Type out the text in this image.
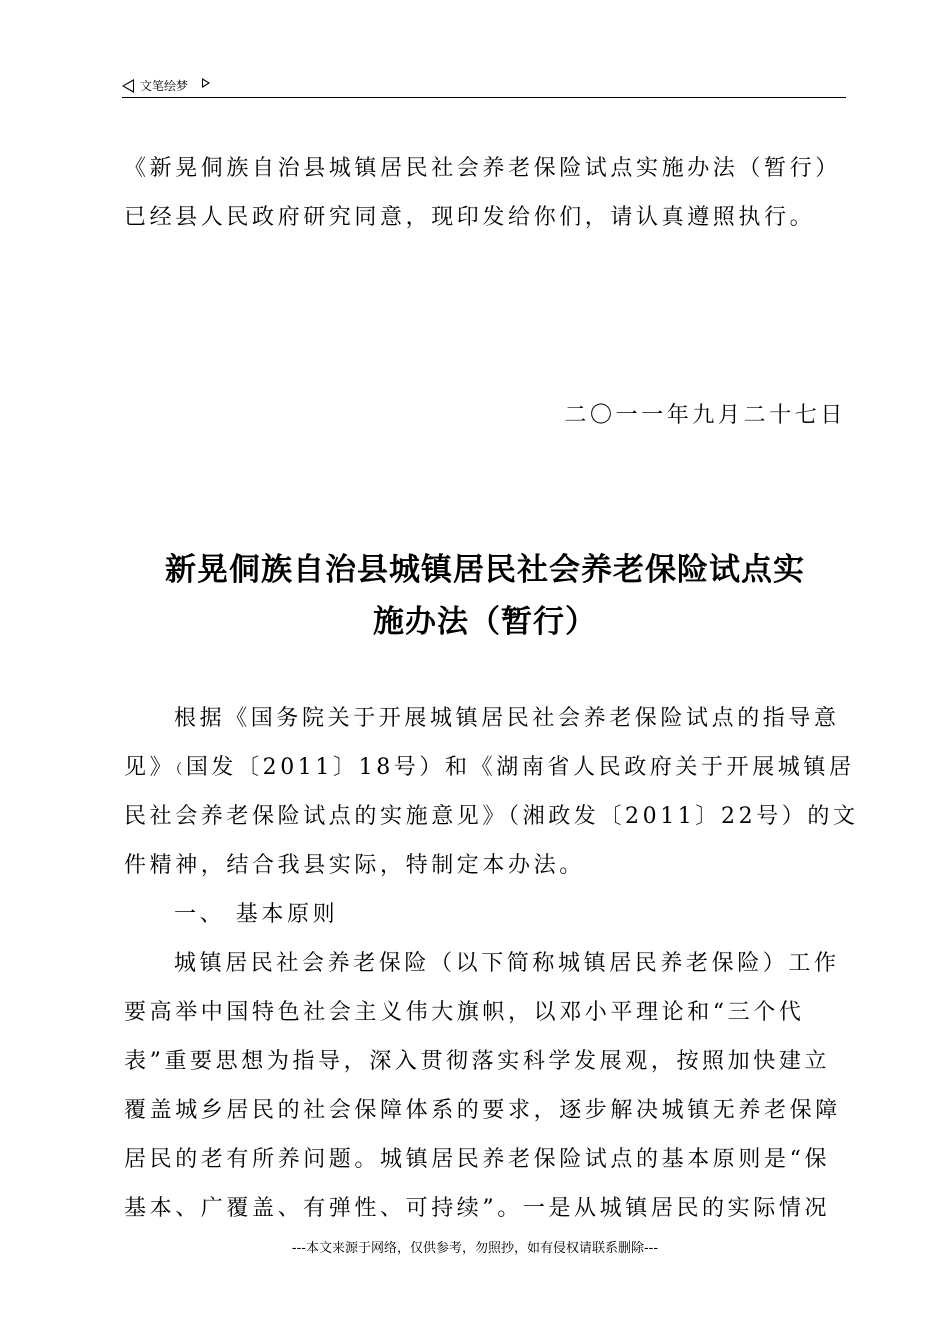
文笔绘梦

《新晃侗族自治县城镇居民社会养老保险试点实施办法（暂行）

已经县人民政府研究同意，现印发给你们，请认真遵照执行。

二〇一一年九月二十七日
新晃侗族自治县城镇居民社会养老保险试点实
施办法（暂行）
根据《国务院关于开展城镇居民社会养老保险试点的指导意
见》（国发〔2011〕18号）和《湖南省人民政府关于开展城镇居
民社会养老保险试点的实施意见》（湘政发〔2011〕22号）的文
件精神，结合我县实际，特制定本办法。
一、 基本原则
城镇居民社会养老保险（以下简称城镇居民养老保险）工作
要高举中国特色社会主义伟大旗帜，以邓小平理论和“三个代
表”重要思想为指导，深入贯彻落实科学发展观，按照加快建立
覆盖城乡居民的社会保障体系的要求，逐步解决城镇无养老保障
居民的老有所养问题。城镇居民养老保险试点的基本原则是“保
基本、广覆盖、有弹性、可持续”。一是从城镇居民的实际情况
---本文来源于网络，仅供参考，勿照抄，如有侵权请联系删除---
